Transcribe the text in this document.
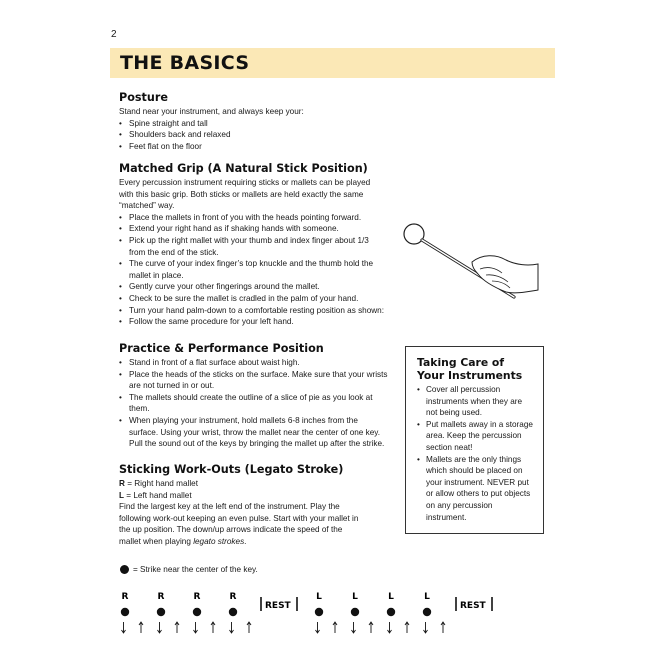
2
THE BASICS
Posture

Stand near your instrument, and always keep your:

• Spine straight and tall
• Shoulders back and relaxed
• Feet flat on the floor
Matched Grip (A Natural Stick Position)

Every percussion instrument requiring sticks or mallets can be played

with this basic grip. Both sticks or mallets are held exactly the same

“matched” way.

• Place the mallets in front of you with the heads pointing forward.
• Extend your right hand as if shaking hands with someone.
• Pick up the right mallet with your thumb and index finger about 1/3 from the end of the stick.
• The curve of your index finger’s top knuckle and the thumb hold the mallet in place.
• Gently curve your other fingerings around the mallet.
• Check to be sure the mallet is cradled in the palm of your hand.
• Turn your hand palm-down to a comfortable resting position as shown:
• Follow the same procedure for your left hand.
Practice & Performance Position
• Stand in front of a flat surface about waist high.
• Place the heads of the sticks on the surface. Make sure that your wrists are not turned in or out.
• The mallets should create the outline of a slice of pie as you look at them.
• When playing your instrument, hold mallets 6-8 inches from the surface. Using your wrist, throw the mallet near the center of one key. Pull the sound out of the keys by bringing the mallet up after the strike.
Sticking Work-Outs (Legato Stroke)

R = Right hand mallet

L = Left hand mallet

Find the largest key at the left end of the instrument. Play the following work-out keeping an even pulse. Start with your mallet in the up position. The down/up arrows indicate the speed of the mallet when playing legato strokes.

Taking Care of
Your Instruments
• Cover all percussion instruments when they are not being used.
• Put mallets away in a storage area. Keep the percussion section neat!
• Mallets are the only things which should be placed on your instrument. NEVER put or allow others to put objects on any percussion instrument.
= Strike near the center of the key.
R	R	R	R
REST
L	L	L	L
REST
